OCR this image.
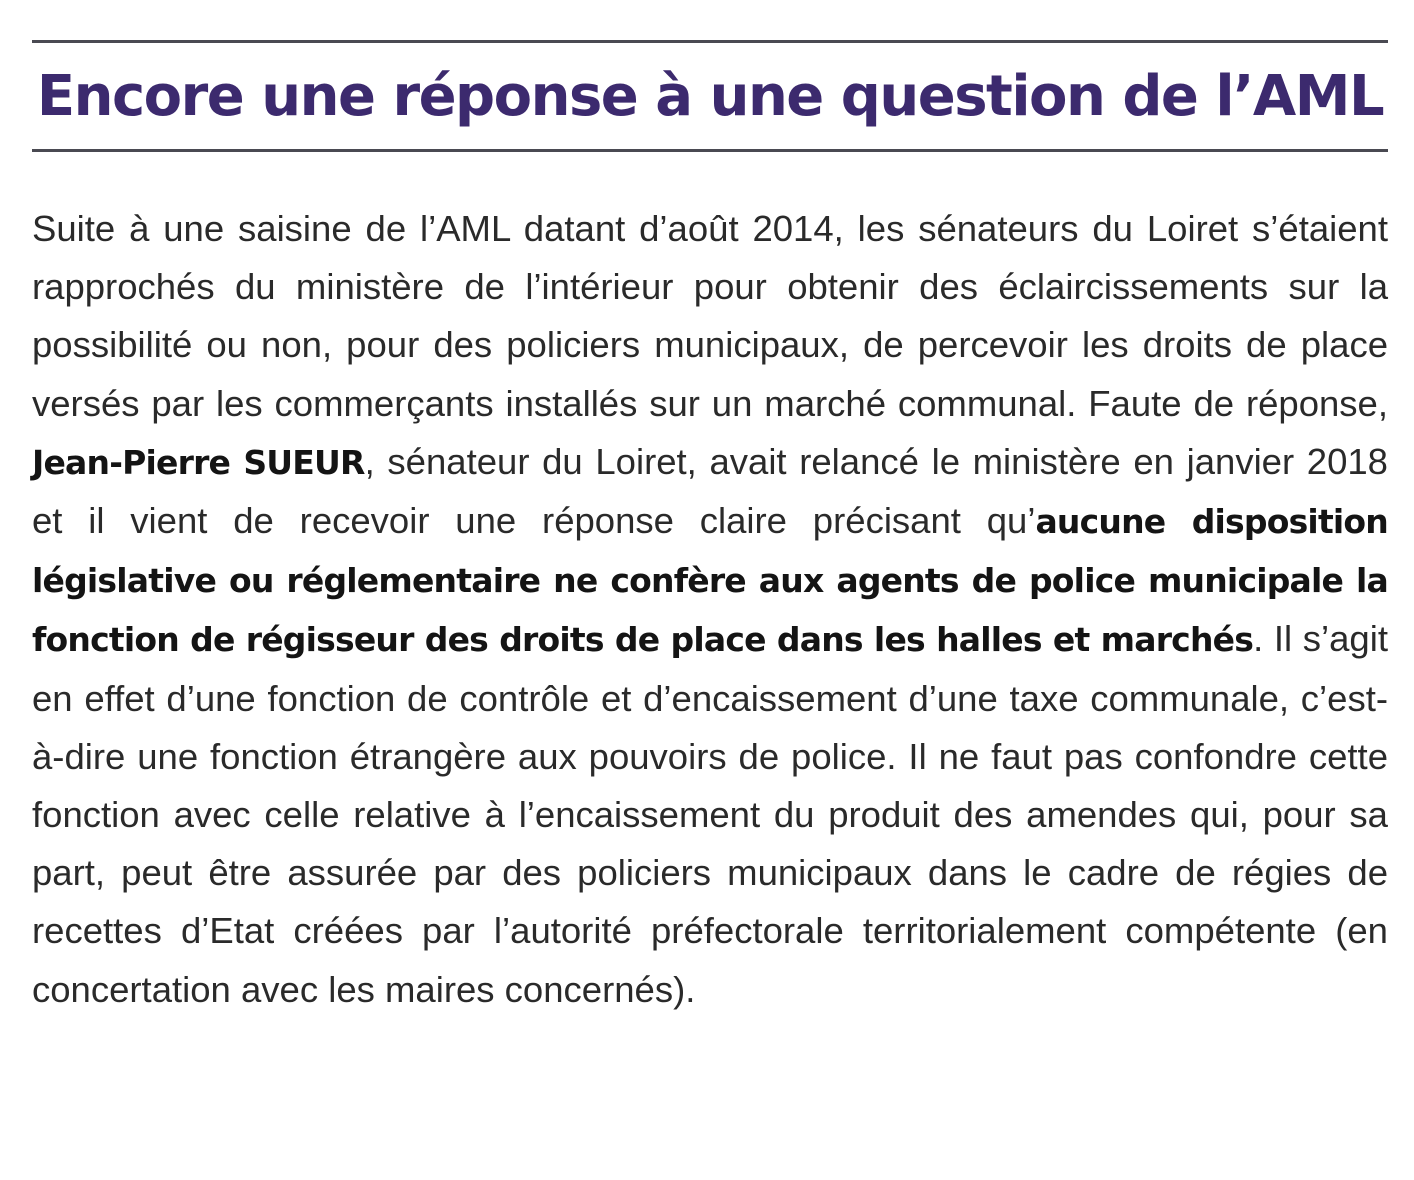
Encore une réponse à une question de l’AML

Suite à une saisine de l’AML datant d’août 2014, les sénateurs du Loiret s’étaient rapprochés du ministère de l’intérieur pour obtenir des éclaircissements sur la possibilité ou non, pour des policiers municipaux, de percevoir les droits de place versés par les commerçants installés sur un marché communal. Faute de réponse, Jean-Pierre SUEUR, sénateur du Loiret, avait relancé le ministère en janvier 2018 et il vient de recevoir une réponse claire précisant qu’aucune disposition législative ou réglementaire ne confère aux agents de police municipale la fonction de régisseur des droits de place dans les halles et marchés. Il s’agit en effet d’une fonction de contrôle et d’encaissement d’une taxe communale, c’est-à-dire une fonction étrangère aux pouvoirs de police. Il ne faut pas confondre cette fonction avec celle relative à l’encaissement du produit des amendes qui, pour sa part, peut être assurée par des policiers municipaux dans le cadre de régies de recettes d’Etat créées par l’autorité préfectorale territorialement compétente (en concertation avec les maires concernés).
